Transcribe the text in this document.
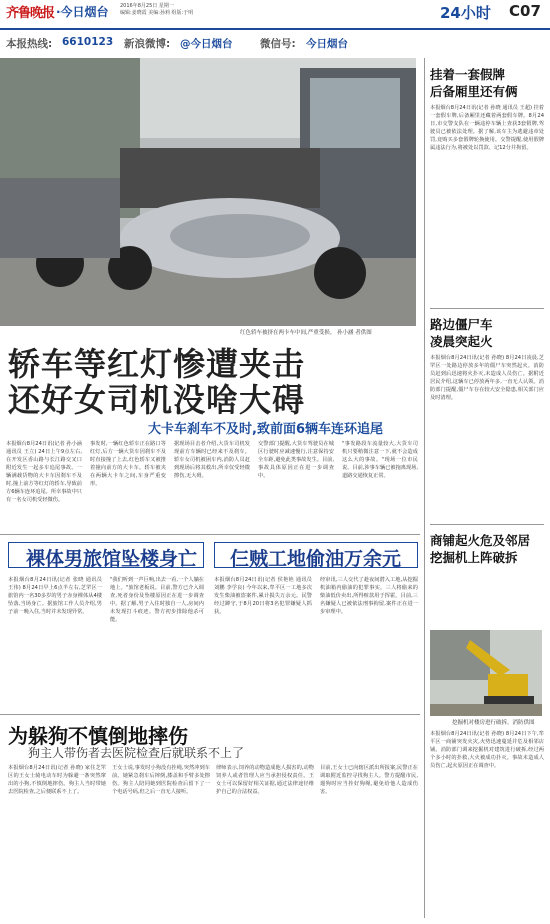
齐鲁晚报 ·今日烟台 2016年8月25日 星期一
编辑:姜晓霞 美编:孙莉 组版:于明	24小时 C07
本报热线: 6610123 新浪微博: @今日烟台	微信号: 今日烟台
红色轿车被挤在两卡车中间,严重受损。 孙小涵 者供图
轿车等红灯惨遭夹击
还好女司机没啥大碍
大卡车刹车不及时,致前面6辆车连环追尾
本报烟台8月24日讯(记者 孙小涵 通讯员 王立) 24日上午9点左右,在开发区香山路与长江路交叉口附近发生一起多车追尾事故。一辆满载货物的大卡车因刹车不及时,撞上前方等红灯的轿车,导致前方6辆车连环追尾。所幸事故中只有一名女司机受轻微伤。
事发时,一辆红色轿车正在路口等红灯,后方一辆大货车因刹车不及时直接撞了上去,红色轿车又被推着撞向前方的大卡车。轿车被夹在两辆大卡车之间,车身严重变形。
据现场目击者介绍,大货车司机发现前方车辆时已经来不及刹车。轿车女司机被困车内,消防人员赶到现场后将其救出,所幸仅受轻微擦伤,无大碍。
交警部门提醒,大货车驾驶员在城区行驶时应减速慢行,注意保持安全车距,避免此类事故发生。目前,事故具体原因正在进一步调查中。
"事发路段车流量较大,大货车司机只要稍微注意一下,就不会造成这么大的事故。"现场一位市民说。目前,涉事车辆已被拖离现场,道路交通恢复正常。
裸体男旅馆坠楼身亡
本报烟台8月24日讯(记者 张晓 通讯员 王伟) 8月24日早上6点半左右,芝罘区一旅馆内一名30多岁的男子赤身裸体从4楼坠落,当场身亡。据旅馆工作人员介绍,男子前一晚入住,当时并未发现异常。
"我们听到一声巨响,出去一看,一个人躺在地上。"旅馆老板说。目前,警方已介入调查,死者身份及坠楼原因正在进一步调查中。据了解,男子入住时独自一人,房间内未发现打斗痕迹。警方初步排除他杀可能。
仨贼工地偷油万余元
本报烟台8月24日讯(记者 侯艳艳 通讯员 刘鹏 李学良) 今年以来,牟平区一工地多次发生柴油被盗案件,累计损失万余元。民警经过蹲守,于8月20日将3名犯罪嫌疑人抓获。
经审讯,三人交代了趁夜间潜入工地,从挖掘机油箱内偷油的犯罪事实。三人将偷来的柴油低价卖出,所得赃款用于挥霍。目前,三名嫌疑人已被依法刑事拘留,案件正在进一步审理中。
为躲狗不慎倒地摔伤
狗主人带伤者去医院检查后就联系不上了
本报烟台8月24日讯(记者 孙晓) 家住芝罘区的王女士骑电动车时为躲避一条突然窜出的小狗,不慎倒地摔伤。狗主人当时带她去医院检查,之后便联系不上了。
王女士说,事发时小狗没有拴绳,突然冲到车前。她紧急刹车后摔倒,膝盖和手臂多处擦伤。狗主人陪同她到医院检查后留下了一个电话号码,但之后一直无人接听。
律师表示,饲养的动物造成他人损害的,动物饲养人或者管理人应当承担侵权责任。王女士可以保留好相关证据,通过法律途径维护自己的合法权益。
目前,王女士已向辖区派出所报案,民警正在调取附近监控寻找狗主人。警方提醒市民,遛狗时应当拴好狗绳,避免给他人造成伤害。
挂着一套假牌
后备厢里还有俩
本报烟台8月24日讯(记者 孙晓 通讯员 王超) 挂着一套假车牌,后备厢里还藏着两套假车牌。8月24日,市交警支队在一辆违停车辆上查获3套假牌,驾驶员已被依法处理。据了解,该车主为逃避违章处罚,竟购买多套假牌轮换使用。交警提醒,使用假牌属违法行为,将被处以罚款、记12分并拘留。
路边僵尸车
凌晨突起火
本报烟台8月24日讯(记者 孙晓) 8月24日凌晨,芝罘区一处路边停放多年的僵尸车突然起火。消防员赶到后迅速将火扑灭,未造成人员伤亡。据附近居民介绍,这辆车已停放两年多,一直无人认领。消防部门提醒,僵尸车存在较大安全隐患,相关部门应及时清理。
商铺起火危及邻居
挖掘机上阵破拆
挖掘机对楼房进行破拆。消防供图
本报烟台8月24日讯(记者 孙晓) 8月24日下午,牟平区一商铺突发火灾,火势迅速蔓延并危及相邻店铺。消防部门调来挖掘机对建筑进行破拆,经过两个多小时的扑救,大火被成功扑灭。事故未造成人员伤亡,起火原因正在调查中。
